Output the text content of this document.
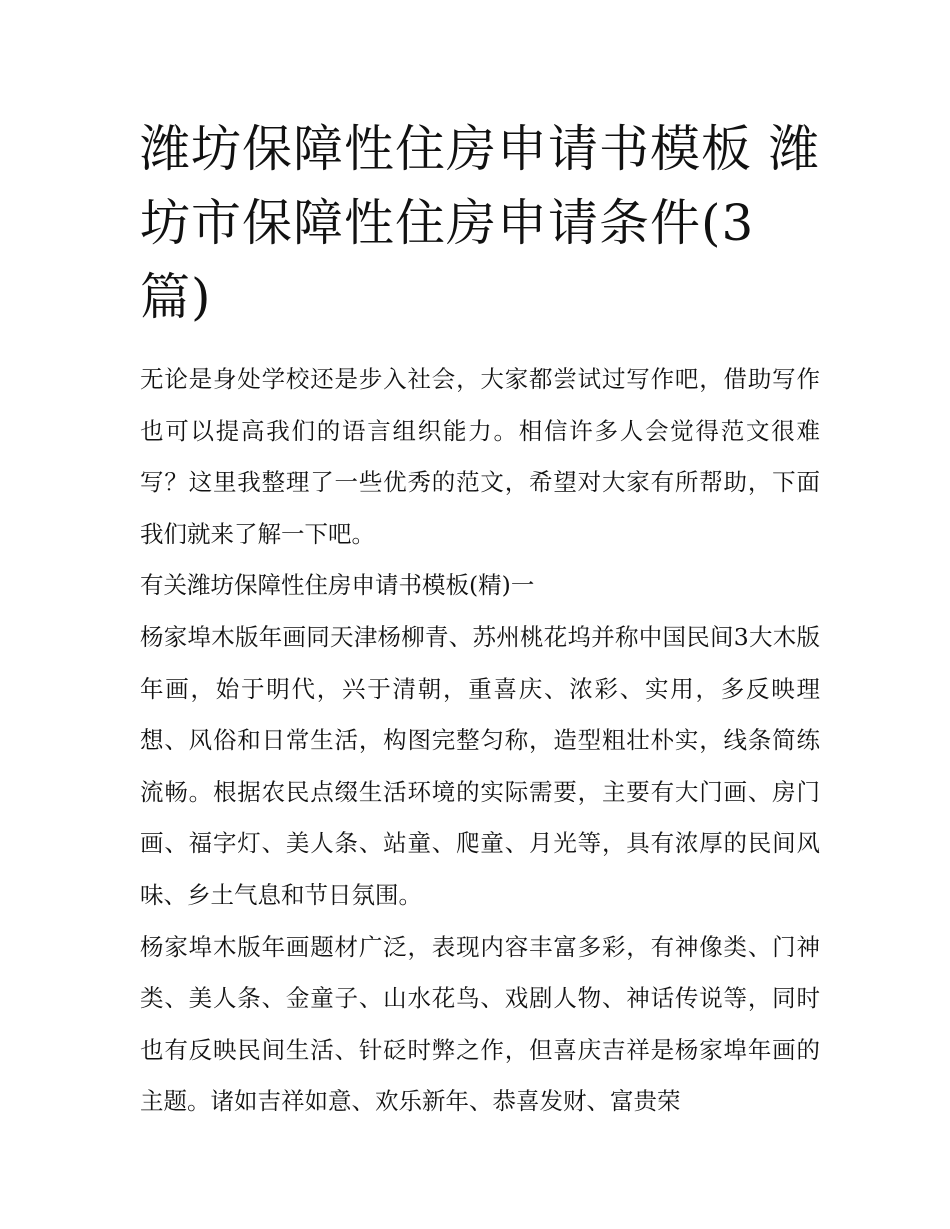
潍坊保障性住房申请书模板 潍坊市保障性住房申请条件(3篇)

无论是身处学校还是步入社会，大家都尝试过写作吧，借助写作也可以提高我们的语言组织能力。相信许多人会觉得范文很难写？这里我整理了一些优秀的范文，希望对大家有所帮助，下面我们就来了解一下吧。

有关潍坊保障性住房申请书模板(精)一

杨家埠木版年画同天津杨柳青、苏州桃花坞并称中国民间3大木版年画，始于明代，兴于清朝，重喜庆、浓彩、实用，多反映理想、风俗和日常生活，构图完整匀称，造型粗壮朴实，线条简练流畅。根据农民点缀生活环境的实际需要，主要有大门画、房门画、福字灯、美人条、站童、爬童、月光等，具有浓厚的民间风味、乡土气息和节日氛围。

杨家埠木版年画题材广泛，表现内容丰富多彩，有神像类、门神类、美人条、金童子、山水花鸟、戏剧人物、神话传说等，同时也有反映民间生活、针砭时弊之作，但喜庆吉祥是杨家埠年画的主题。诸如吉祥如意、欢乐新年、恭喜发财、富贵荣
